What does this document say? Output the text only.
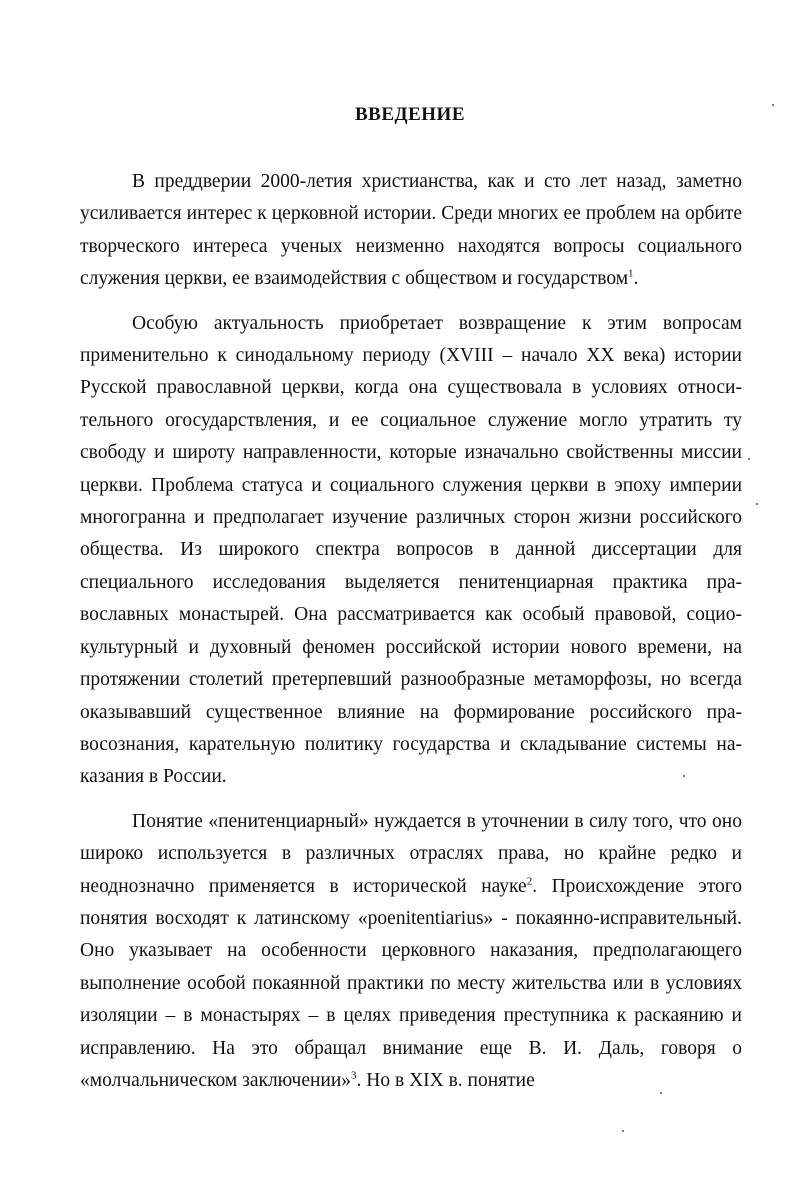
ВВЕДЕНИЕ

В преддверии 2000-летия христианства, как и сто лет назад, заметно усиливается интерес к церковной истории. Среди многих ее проблем на орбите творческого интереса ученых неизменно находятся вопросы социального служения церкви, ее взаимодействия с обществом и государством$^1$.

Особую актуальность приобретает возвращение к этим вопросам применительно к синодальному периоду (XVIII – начало XX века) истории Русской православной церкви, когда она существовала в условиях относительного огосударствления, и ее социальное служение могло утратить ту свободу и широту направленности, которые изначально свойственны миссии церкви. Проблема статуса и социального служения церкви в эпоху империи многогранна и предполагает изучение различных сторон жизни российского общества. Из широкого спектра вопросов в данной диссертации для специального исследования выделяется пенитенциарная практика православных монастырей. Она рассматривается как особый правовой, социокультурный и духовный феномен российской истории нового времени, на протяжении столетий претерпевший разнообразные метаморфозы, но всегда оказывавший существенное влияние на формирование российского правосознания, карательную политику государства и складывание системы наказания в России.

Понятие «пенитенциарный» нуждается в уточнении в силу того, что оно широко используется в различных отраслях права, но крайне редко и неоднозначно применяется в исторической науке$^2$. Происхождение этого понятия восходят к латинскому «poenitentiarius» - покаянно-исправительный. Оно указывает на особенности церковного наказания, предполагающего выполнение особой покаянной практики по месту жительства или в условиях изоляции – в монастырях – в целях приведения преступника к раскаянию и исправлению. На это обращал внимание еще В. И. Даль, говоря о «молчальническом заключении»$^3$. Но в XIX в. понятие
